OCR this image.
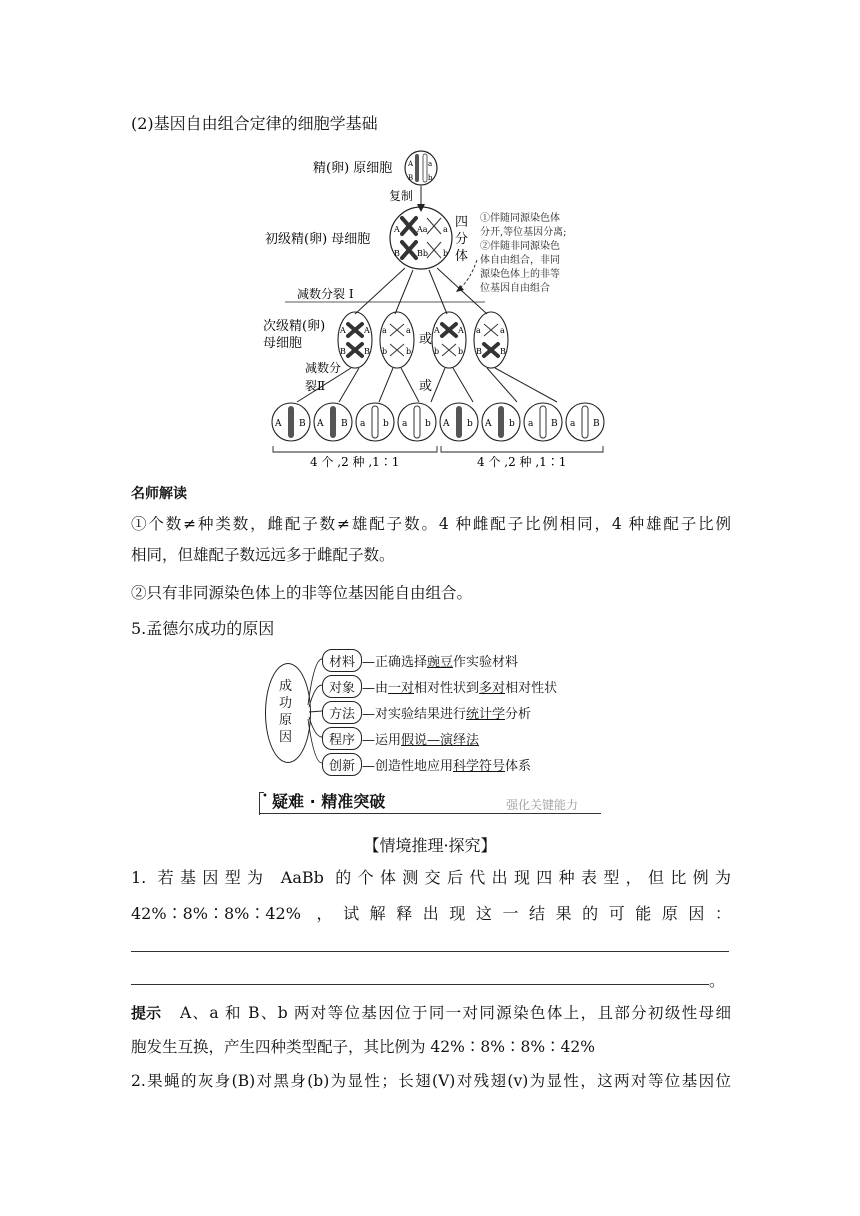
(2)基因自由组合定律的细胞学基础
精(卵) 原细胞 A a
B b
复制
初级精(卵) 母细胞
A Aa a
B Bb b
四
分
体
①伴随同源染色体
分开,等位基因分离;
②伴随非同源染色
体自由组合，非同
源染色体上的非等
位基因自由组合
减数分裂 I
次级精(卵)
母细胞
A A
B B
a a
b b
A A
b b
a a
B B
或
减数分
裂Ⅱ	或
A B A B a b a b A b A b a B a B
4 个 ,2 种 ,1∶1	4 个 ,2 种 ,1∶1
名师解读
①个数≠种类数，雌配子数≠雄配子数。4 种雌配子比例相同，4 种雄配子比例
相同，但雄配子数远远多于雌配子数。
②只有非同源染色体上的非等位基因能自由组合。
5.孟德尔成功的原因
成
功
原
因
材料 —正确选择 豌豆 作实验材料
对象 —由 一对 相对性状到 多对 相对性状
方法 —对实验结果进行 统计学 分析
程序 —运用 假说—演绎法
创新 —创造性地应用 科学符号 体系
• 疑难 · 精准突破	强化关键能力
【情境推理·探究】
1. 若基因型为 AaBb 的个体测交后代出现四种表型，但比例为
42%∶8%∶8%∶42% ，试解释出现这一结果的可能原因：
。
提示 A、a 和 B、b 两对等位基因位于同一对同源染色体上，且部分初级性母细
胞发生互换，产生四种类型配子，其比例为 42%∶8%∶8%∶42%
2.果蝇的灰身(B)对黑身(b)为显性；长翅(V)对残翅(v)为显性，这两对等位基因位
